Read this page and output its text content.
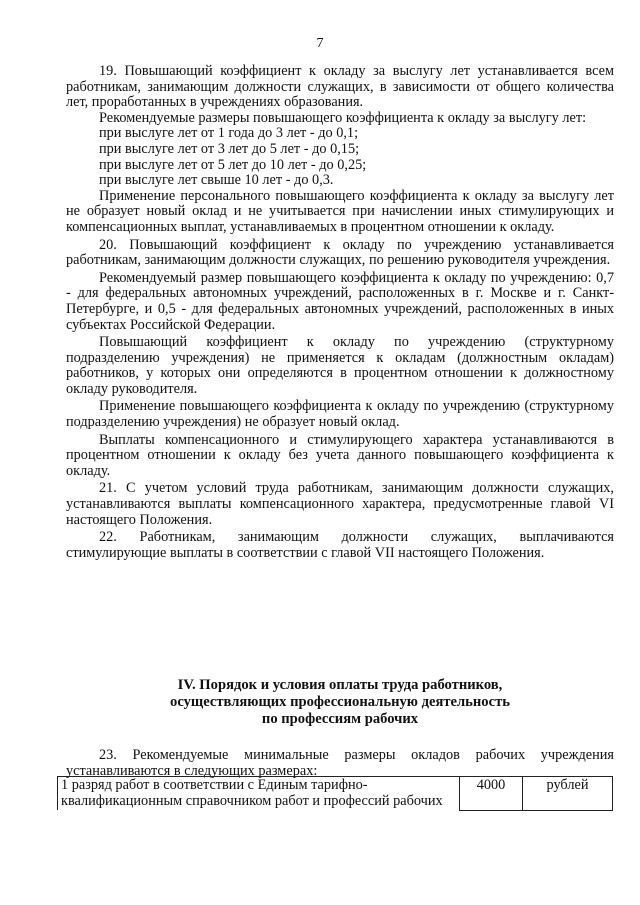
7

19. Повышающий коэффициент к окладу за выслугу лет устанавливается всем работникам, занимающим должности служащих, в зависимости от общего количества лет, проработанных в учреждениях образования.

Рекомендуемые размеры повышающего коэффициента к окладу за выслугу лет:

при выслуге лет от 1 года до 3 лет - до 0,1;

при выслуге лет от 3 лет до 5 лет - до 0,15;

при выслуге лет от 5 лет до 10 лет - до 0,25;

при выслуге лет свыше 10 лет - до 0,3.

Применение персонального повышающего коэффициента к окладу за выслугу лет не образует новый оклад и не учитывается при начислении иных стимулирующих и компенсационных выплат, устанавливаемых в процентном отношении к окладу.

20. Повышающий коэффициент к окладу по учреждению устанавливается работникам, занимающим должности служащих, по решению руководителя учреждения.

Рекомендуемый размер повышающего коэффициента к окладу по учреждению: 0,7 - для федеральных автономных учреждений, расположенных в г. Москве и г. Санкт-Петербурге, и 0,5 - для федеральных автономных учреждений, расположенных в иных субъектах Российской Федерации.

Повышающий коэффициент к окладу по учреждению (структурному подразделению учреждения) не применяется к окладам (должностным окладам) работников, у которых они определяются в процентном отношении к должностному окладу руководителя.

Применение повышающего коэффициента к окладу по учреждению (структурному подразделению учреждения) не образует новый оклад.

Выплаты компенсационного и стимулирующего характера устанавливаются в процентном отношении к окладу без учета данного повышающего коэффициента к окладу.

21. С учетом условий труда работникам, занимающим должности служащих, устанавливаются выплаты компенсационного характера, предусмотренные главой VI настоящего Положения.

22. Работникам, занимающим должности служащих, выплачиваются стимулирующие выплаты в соответствии с главой VII настоящего Положения.

IV. Порядок и условия оплаты труда работников,
осуществляющих профессиональную деятельность
по профессиям рабочих

23. Рекомендуемые минимальные размеры окладов рабочих учреждения устанавливаются в следующих размерах:

1 разряд работ в соответствии с Единым тарифно-квалификационным справочником работ и профессий рабочих	4000	рублей
